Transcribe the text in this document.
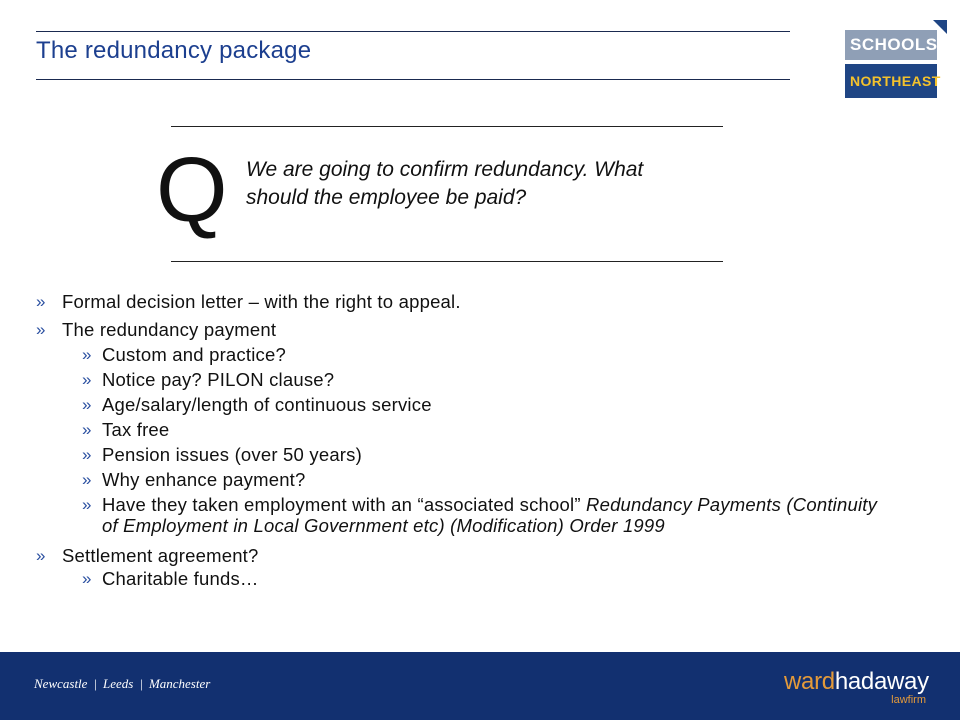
The redundancy package	SCHOOLS
NORTHEAST
Q We are going to confirm redundancy. What
should the employee be paid?
» Formal decision letter – with the right to appeal.
» The redundancy payment
» Custom and practice?
» Notice pay? PILON clause?
» Age/salary/length of continuous service
» Tax free
» Pension issues (over 50 years)
» Why enhance payment?
» Have they taken employment with an “associated school” Redundancy Payments (Continuity of Employment in Local Government etc) (Modification) Order 1999
» Settlement agreement?
» Charitable funds…
Newcastle | Leeds | Manchester	wardhadaway
lawfirm
